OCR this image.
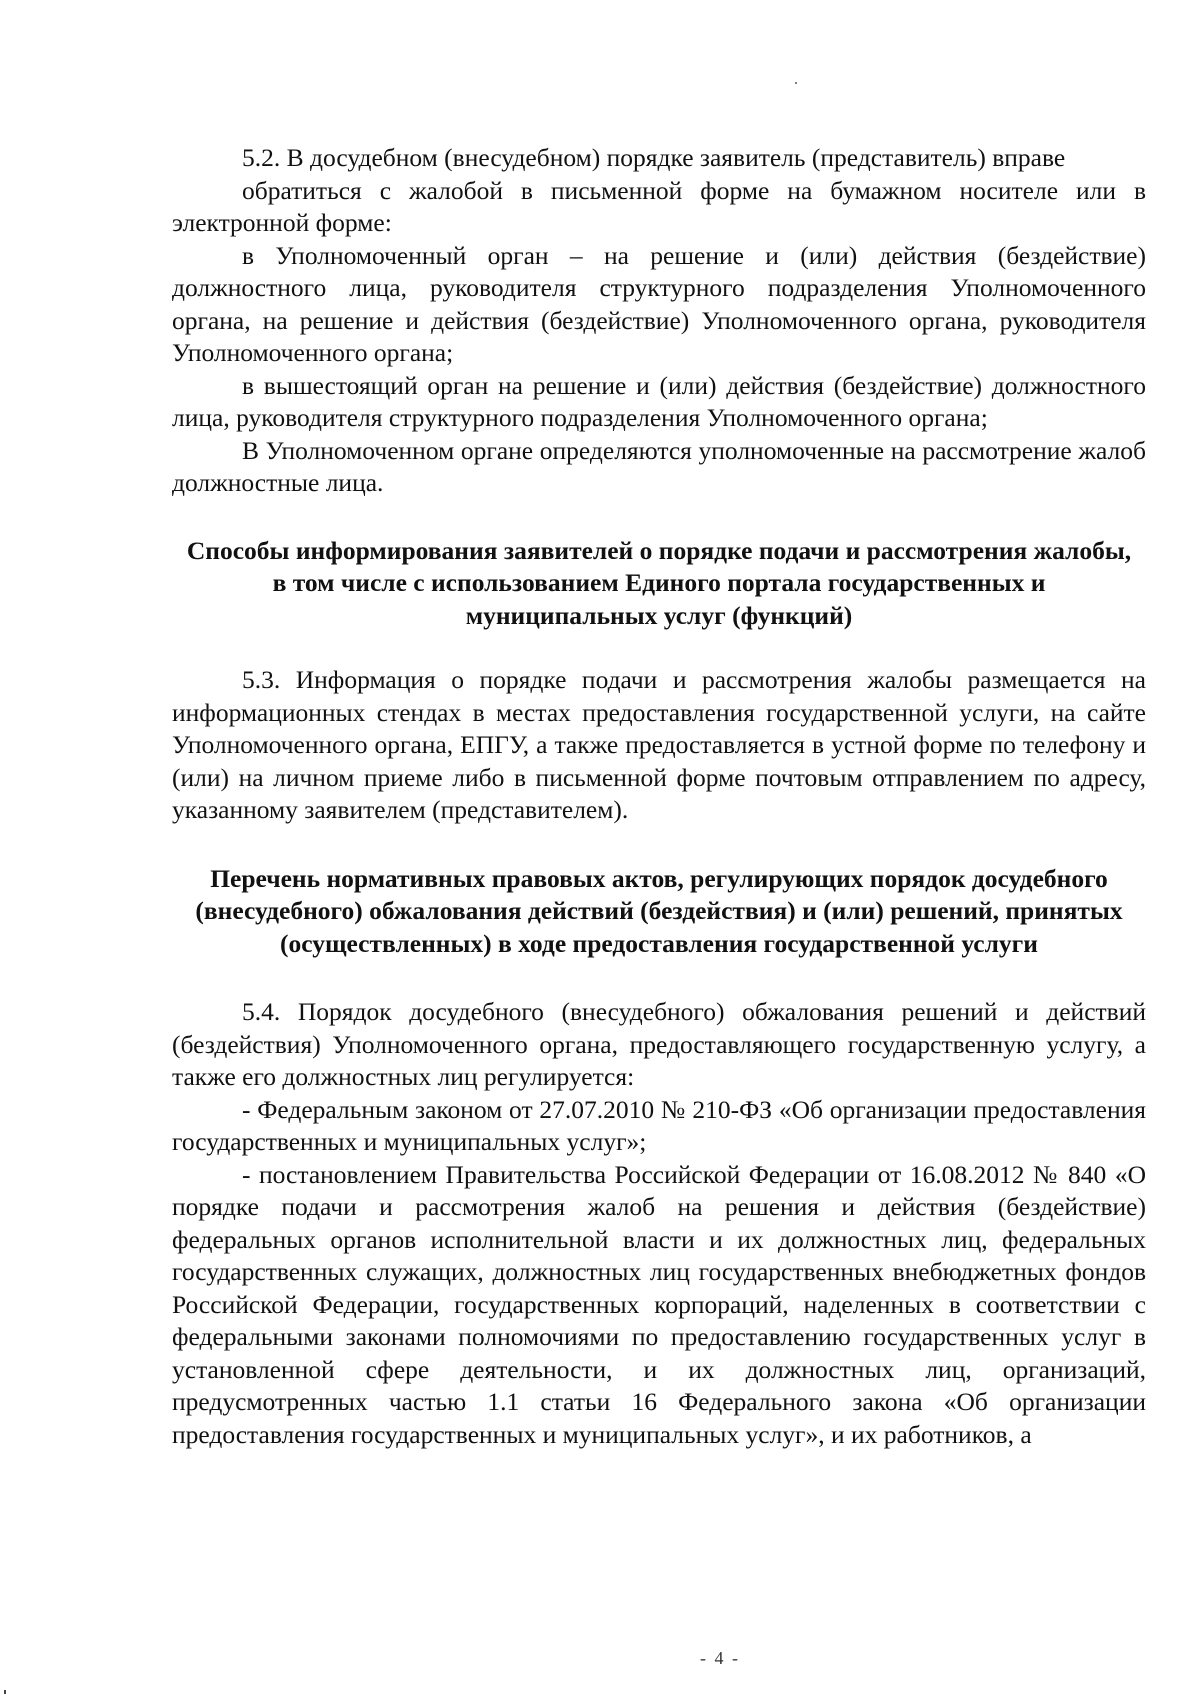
5.2. В досудебном (внесудебном) порядке заявитель (представитель) вправе

обратиться с жалобой в письменной форме на бумажном носителе или в электронной форме:

в Уполномоченный орган – на решение и (или) действия (бездействие) должностного лица, руководителя структурного подразделения Уполномоченного органа, на решение и действия (бездействие) Уполномоченного органа, руководителя Уполномоченного органа;

в вышестоящий орган на решение и (или) действия (бездействие) должностного лица, руководителя структурного подразделения Уполномоченного органа;

В Уполномоченном органе определяются уполномоченные на рассмотрение жалоб должностные лица.

Способы информирования заявителей о порядке подачи и рассмотрения жалобы, в том числе с использованием Единого портала государственных и муниципальных услуг (функций)

5.3. Информация о порядке подачи и рассмотрения жалобы размещается на информационных стендах в местах предоставления государственной услуги, на сайте Уполномоченного органа, ЕПГУ, а также предоставляется в устной форме по телефону и (или) на личном приеме либо в письменной форме почтовым отправлением по адресу, указанному заявителем (представителем).

Перечень нормативных правовых актов, регулирующих порядок досудебного (внесудебного) обжалования действий (бездействия) и (или) решений, принятых (осуществленных) в ходе предоставления государственной услуги

5.4. Порядок досудебного (внесудебного) обжалования решений и действий (бездействия) Уполномоченного органа, предоставляющего государственную услугу, а также его должностных лиц регулируется:

- Федеральным законом от 27.07.2010 № 210-ФЗ «Об организации предоставления государственных и муниципальных услуг»;

- постановлением Правительства Российской Федерации от 16.08.2012 № 840 «О порядке подачи и рассмотрения жалоб на решения и действия (бездействие) федеральных органов исполнительной власти и их должностных лиц, федеральных государственных служащих, должностных лиц государственных внебюджетных фондов Российской Федерации, государственных корпораций, наделенных в соответствии с федеральными законами полномочиями по предоставлению государственных услуг в установленной сфере деятельности, и их должностных лиц, организаций, предусмотренных частью 1.1 статьи 16 Федерального закона «Об организации предоставления государственных и муниципальных услуг», и их работников, а

- 4 -
